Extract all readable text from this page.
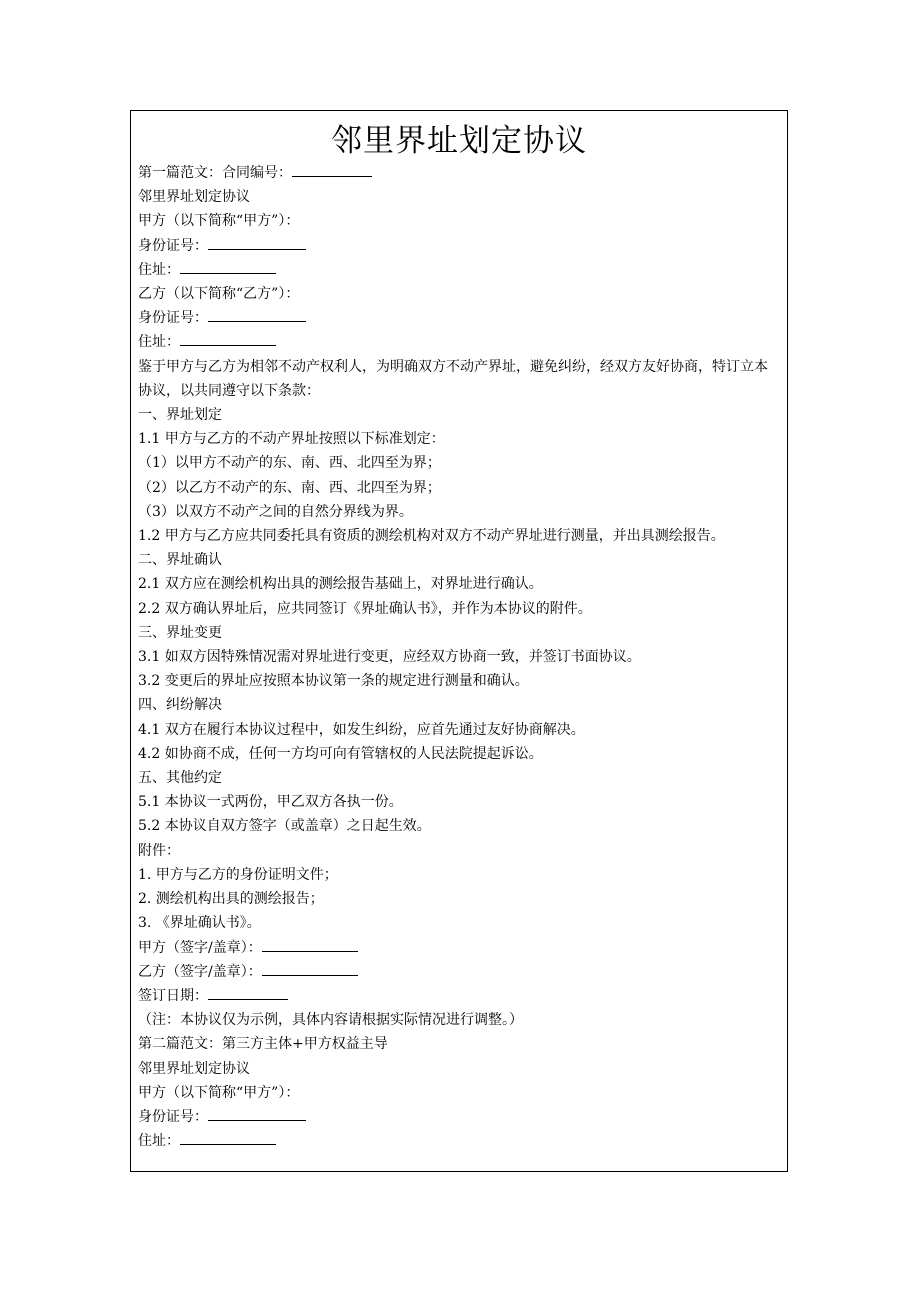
邻里界址划定协议
第一篇范文：合同编号：
邻里界址划定协议
甲方（以下简称“甲方”）：
身份证号：
住址：
乙方（以下简称“乙方”）：
身份证号：
住址：
鉴于甲方与乙方为相邻不动产权利人，为明确双方不动产界址，避免纠纷，经双方友好协商，特订立本协议，以共同遵守以下条款：
一、界址划定
1.1 甲方与乙方的不动产界址按照以下标准划定：
（1）以甲方不动产的东、南、西、北四至为界；
（2）以乙方不动产的东、南、西、北四至为界；
（3）以双方不动产之间的自然分界线为界。
1.2 甲方与乙方应共同委托具有资质的测绘机构对双方不动产界址进行测量，并出具测绘报告。
二、界址确认
2.1 双方应在测绘机构出具的测绘报告基础上，对界址进行确认。
2.2 双方确认界址后，应共同签订《界址确认书》，并作为本协议的附件。
三、界址变更
3.1 如双方因特殊情况需对界址进行变更，应经双方协商一致，并签订书面协议。
3.2 变更后的界址应按照本协议第一条的规定进行测量和确认。
四、纠纷解决
4.1 双方在履行本协议过程中，如发生纠纷，应首先通过友好协商解决。
4.2 如协商不成，任何一方均可向有管辖权的人民法院提起诉讼。
五、其他约定
5.1 本协议一式两份，甲乙双方各执一份。
5.2 本协议自双方签字（或盖章）之日起生效。
附件：
1. 甲方与乙方的身份证明文件；
2. 测绘机构出具的测绘报告；
3. 《界址确认书》。
甲方（签字/盖章）：
乙方（签字/盖章）：
签订日期：
（注：本协议仅为示例，具体内容请根据实际情况进行调整。）
第二篇范文：第三方主体+甲方权益主导
邻里界址划定协议
甲方（以下简称“甲方”）：
身份证号：
住址：
